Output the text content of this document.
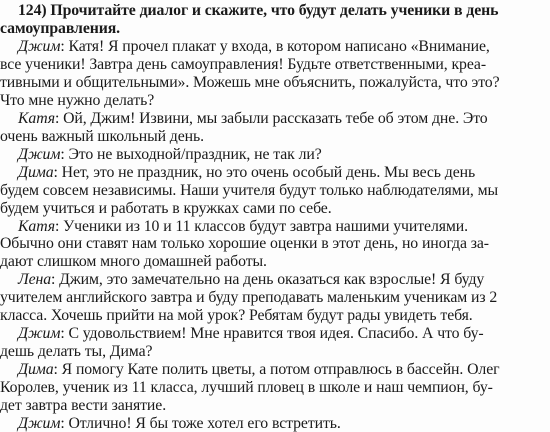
124) Прочитайте диалог и скажите, что будут делать ученики в день
самоуправления.
Джим: Катя! Я прочел плакат у входа, в котором написано «Внимание,
все ученики! Завтра день самоуправления! Будьте ответственными, креа-
тивными и общительными». Можешь мне объяснить, пожалуйста, что это?
Что мне нужно делать?
Катя: Ой, Джим! Извини, мы забыли рассказать тебе об этом дне. Это
очень важный школьный день.
Джим: Это не выходной/праздник, не так ли?
Дима: Нет, это не праздник, но это очень особый день. Мы весь день
будем совсем независимы. Наши учителя будут только наблюдателями, мы
будем учиться и работать в кружках сами по себе.
Катя: Ученики из 10 и 11 классов будут завтра нашими учителями.
Обычно они ставят нам только хорошие оценки в этот день, но иногда за-
дают слишком много домашней работы.
Лена: Джим, это замечательно на день оказаться как взрослые! Я буду
учителем английского завтра и буду преподавать маленьким ученикам из 2
класса. Хочешь прийти на мой урок? Ребятам будут рады увидеть тебя.
Джим: С удовольствием! Мне нравится твоя идея. Спасибо. А что бу-
дешь делать ты, Дима?
Дима: Я помогу Кате полить цветы, а потом отправлюсь в бассейн. Олег
Королев, ученик из 11 класса, лучший пловец в школе и наш чемпион, бу-
дет завтра вести занятие.
Джим: Отлично! Я бы тоже хотел его встретить.
